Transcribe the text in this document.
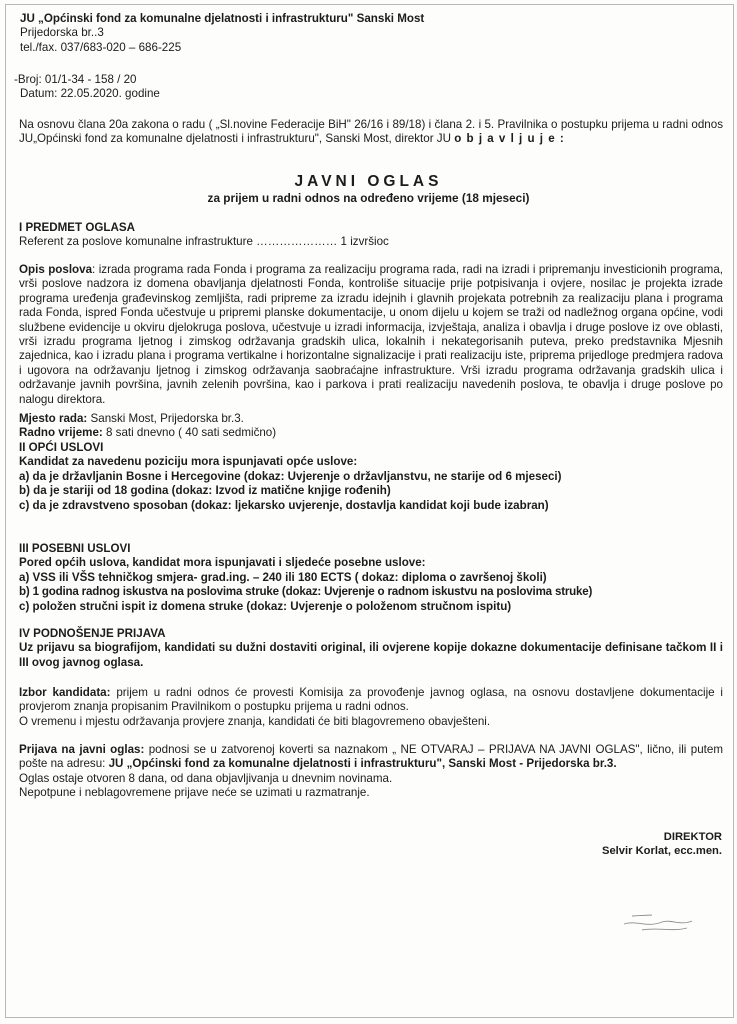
JU „Općinski fond za komunalne djelatnosti i infrastrukturu" Sanski Most
Prijedorska br..3
tel./fax. 037/683-020 – 686-225
-Broj: 01/1-34 - 158 / 20
Datum: 22.05.2020. godine
Na osnovu člana 20a zakona o radu ( „Sl.novine Federacije BiH" 26/16 i 89/18) i člana 2. i 5. Pravilnika o postupku prijema u radni odnos JU„Općinski fond za komunalne djelatnosti i infrastrukturu", Sanski Most, direktor JU o b j a v l j u j e :
JAVNI OGLAS
za prijem u radni odnos na određeno vrijeme (18 mjeseci)
I PREDMET OGLASA
Referent za poslove komunalne infrastrukture ………………… 1 izvršioc
Opis poslova: izrada programa rada Fonda i programa za realizaciju programa rada, radi na izradi i pripremanju investicionih programa, vrši poslove nadzora iz domena obavljanja djelatnosti Fonda, kontroliše situacije prije potpisivanja i ovjere, nosilac je projekta izrade programa uređenja građevinskog zemljišta, radi pripreme za izradu idejnih i glavnih projekata potrebnih za realizaciju plana i programa rada Fonda, ispred Fonda učestvuje u pripremi planske dokumentacije, u onom dijelu u kojem se traži od nadležnog organa općine, vodi službene evidencije u okviru djelokruga poslova, učestvuje u izradi informacija, izvještaja, analiza i obavlja i druge poslove iz ove oblasti, vrši izradu programa ljetnog i zimskog održavanja gradskih ulica, lokalnih i nekategorisanih puteva, preko predstavnika Mjesnih zajednica, kao i izradu plana i programa vertikalne i horizontalne signalizacije i prati realizaciju iste, priprema prijedloge predmjera radova i ugovora na održavanju ljetnog i zimskog održavanja saobraćajne infrastrukture. Vrši izradu programa održavanja gradskih ulica i održavanje javnih površina, javnih zelenih površina, kao i parkova i prati realizaciju navedenih poslova, te obavlja i druge poslove po nalogu direktora.
Mjesto rada: Sanski Most, Prijedorska br.3.
Radno vrijeme: 8 sati dnevno ( 40 sati sedmično)
II OPĆI USLOVI
Kandidat za navedenu poziciju mora ispunjavati opće uslove:
a) da je državljanin Bosne i Hercegovine (dokaz: Uvjerenje o državljanstvu, ne starije od 6 mjeseci)
b) da je stariji od 18 godina (dokaz: Izvod iz matične knjige rođenih)
c) da je zdravstveno sposoban (dokaz: ljekarsko uvjerenje, dostavlja kandidat koji bude izabran)
III POSEBNI USLOVI
Pored općih uslova, kandidat mora ispunjavati i sljedeće posebne uslove:
a) VSS ili VŠS tehničkog smjera- grad.ing. – 240 ili 180 ECTS ( dokaz: diploma o završenoj školi)
b) 1 godina radnog iskustva na poslovima struke (dokaz: Uvjerenje o radnom iskustvu na poslovima struke)
c) položen stručni ispit iz domena struke (dokaz: Uvjerenje o položenom stručnom ispitu)
IV PODNOŠENJE PRIJAVA
Uz prijavu sa biografijom, kandidati su dužni dostaviti original, ili ovjerene kopije dokazne dokumentacije definisane tačkom II i III ovog javnog oglasa.
Izbor kandidata: prijem u radni odnos će provesti Komisija za provođenje javnog oglasa, na osnovu dostavljene dokumentacije i provjerom znanja propisanim Pravilnikom o postupku prijema u radni odnos.
O vremenu i mjestu održavanja provjere znanja, kandidati će biti blagovremeno obavješteni.
Prijava na javni oglas: podnosi se u zatvorenoj koverti sa naznakom „ NE OTVARAJ – PRIJAVA NA JAVNI OGLAS", lično, ili putem pošte na adresu: JU „Općinski fond za komunalne djelatnosti i infrastrukturu", Sanski Most - Prijedorska br.3.
Oglas ostaje otvoren 8 dana, od dana objavljivanja u dnevnim novinama.
Nepotpune i neblagovremene prijave neće se uzimati u razmatranje.
DIREKTOR
Selvir Korlat, ecc.men.
